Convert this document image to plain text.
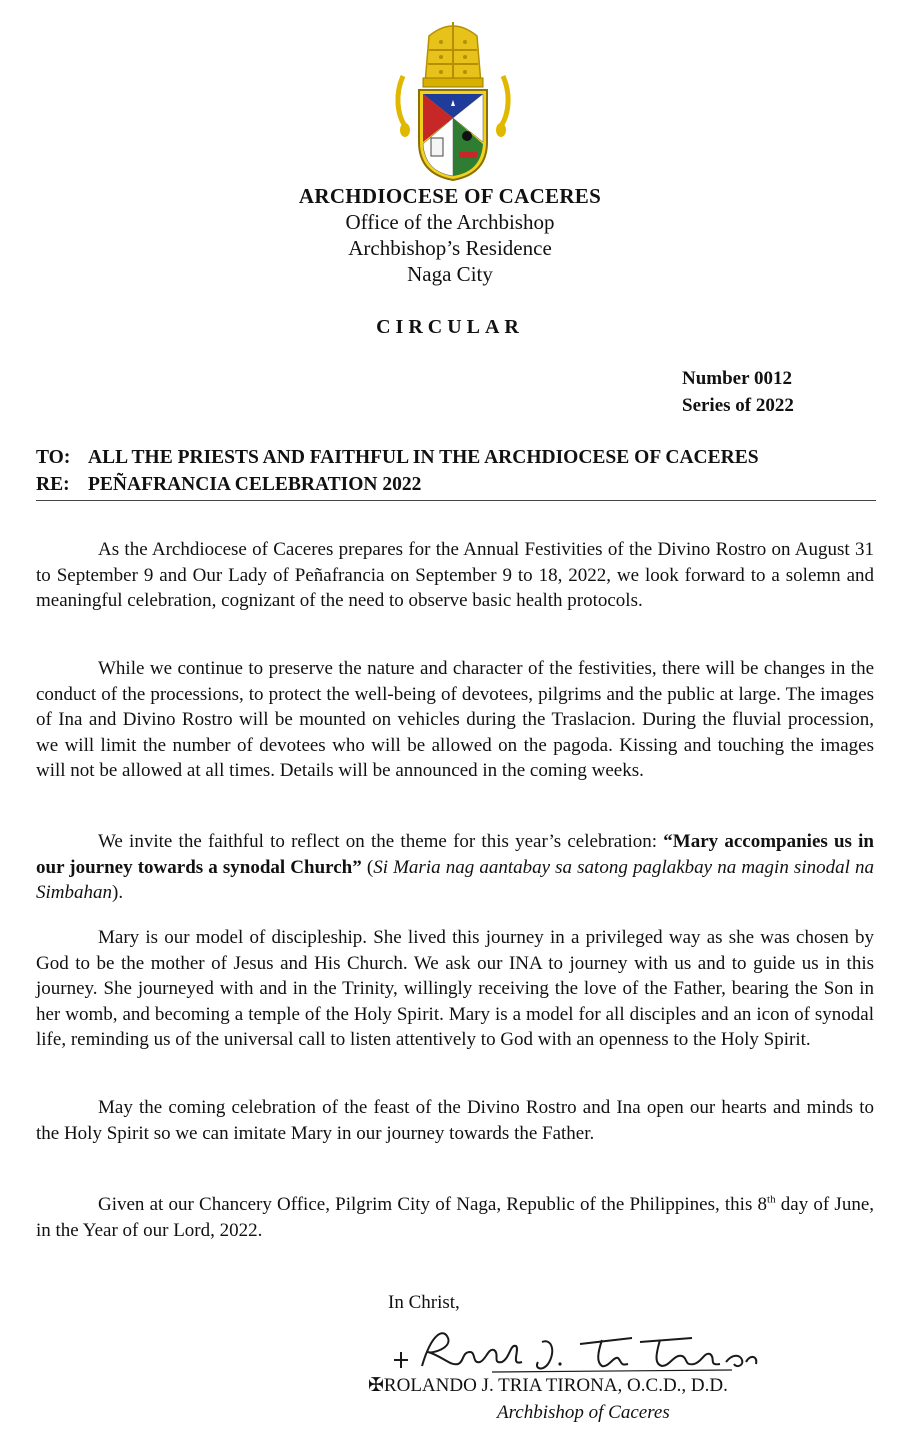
ARCHDIOCESE OF CACERES
Office of the Archbishop
Archbishop’s Residence
Naga City
CIRCULAR
Number 0012
Series of 2022
TO: ALL THE PRIESTS AND FAITHFUL IN THE ARCHDIOCESE OF CACERES
RE: PEÑAFRANCIA CELEBRATION 2022

As the Archdiocese of Caceres prepares for the Annual Festivities of the Divino Rostro on August 31 to September 9 and Our Lady of Peñafrancia on September 9 to 18, 2022, we look forward to a solemn and meaningful celebration, cognizant of the need to observe basic health protocols.

While we continue to preserve the nature and character of the festivities, there will be changes in the conduct of the processions, to protect the well-being of devotees, pilgrims and the public at large. The images of Ina and Divino Rostro will be mounted on vehicles during the Traslacion. During the fluvial procession, we will limit the number of devotees who will be allowed on the pagoda. Kissing and touching the images will not be allowed at all times. Details will be announced in the coming weeks.

We invite the faithful to reflect on the theme for this year’s celebration: “Mary accompanies us in our journey towards a synodal Church” (Si Maria nag aantabay sa satong paglakbay na magin sinodal na Simbahan).

Mary is our model of discipleship. She lived this journey in a privileged way as she was chosen by God to be the mother of Jesus and His Church. We ask our INA to journey with us and to guide us in this journey. She journeyed with and in the Trinity, willingly receiving the love of the Father, bearing the Son in her womb, and becoming a temple of the Holy Spirit. Mary is a model for all disciples and an icon of synodal life, reminding us of the universal call to listen attentively to God with an openness to the Holy Spirit.

May the coming celebration of the feast of the Divino Rostro and Ina open our hearts and minds to the Holy Spirit so we can imitate Mary in our journey towards the Father.

Given at our Chancery Office, Pilgrim City of Naga, Republic of the Philippines, this 8th day of June, in the Year of our Lord, 2022.

In Christ,
✠ROLANDO J. TRIA TIRONA, O.C.D., D.D.
Archbishop of Caceres
